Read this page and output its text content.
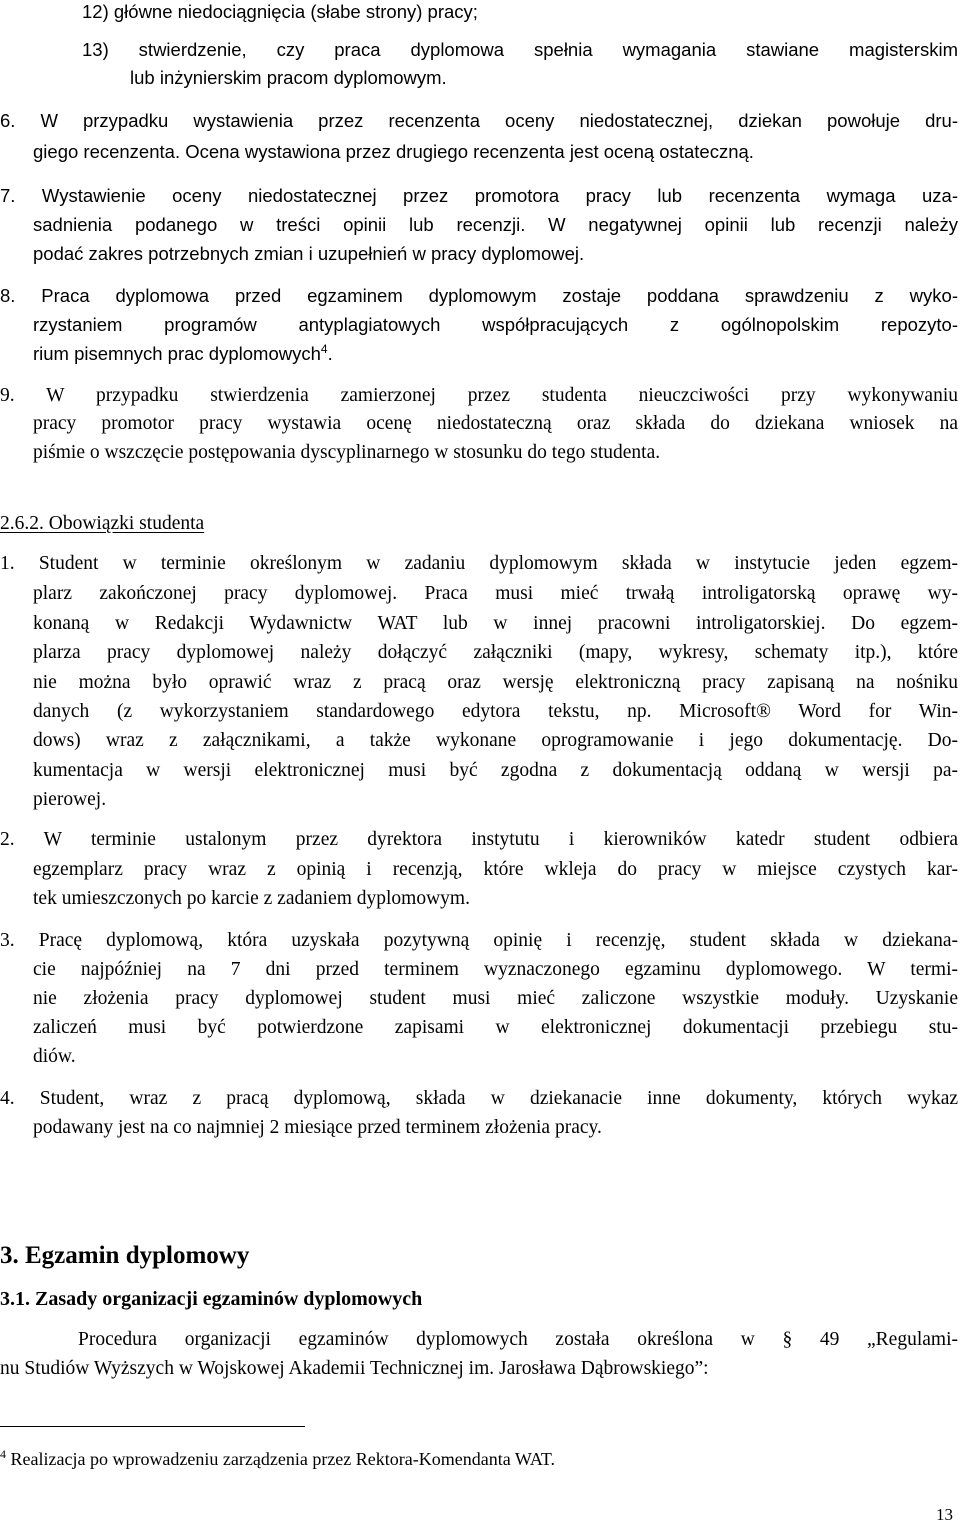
12) główne niedociągnięcia (słabe strony) pracy;
13) stwierdzenie, czy praca dyplomowa spełnia wymagania stawiane magisterskim
lub inżynierskim pracom dyplomowym.
6. W przypadku wystawienia przez recenzenta oceny niedostatecznej, dziekan powołuje dru-
giego recenzenta. Ocena wystawiona przez drugiego recenzenta jest oceną ostateczną.
7. Wystawienie oceny niedostatecznej przez promotora pracy lub recenzenta wymaga uza-
sadnienia podanego w treści opinii lub recenzji. W negatywnej opinii lub recenzji należy
podać zakres potrzebnych zmian i uzupełnień w pracy dyplomowej.
8. Praca dyplomowa przed egzaminem dyplomowym zostaje poddana sprawdzeniu z wyko-
rzystaniem programów antyplagiatowych współpracujących z ogólnopolskim repozyto-
rium pisemnych prac dyplomowych$^4$.
9. W przypadku stwierdzenia zamierzonej przez studenta nieuczciwości przy wykonywaniu
pracy promotor pracy wystawia ocenę niedostateczną oraz składa do dziekana wniosek na
piśmie o wszczęcie postępowania dyscyplinarnego w stosunku do tego studenta.
2.6.2. Obowiązki studenta
1. Student w terminie określonym w zadaniu dyplomowym składa w instytucie jeden egzem-
plarz zakończonej pracy dyplomowej. Praca musi mieć trwałą introligatorską oprawę wy-
konaną w Redakcji Wydawnictw WAT lub w innej pracowni introligatorskiej. Do egzem-
plarza pracy dyplomowej należy dołączyć załączniki (mapy, wykresy, schematy itp.), które
nie można było oprawić wraz z pracą oraz wersję elektroniczną pracy zapisaną na nośniku
danych (z wykorzystaniem standardowego edytora tekstu, np. Microsoft® Word for Win-
dows) wraz z załącznikami, a także wykonane oprogramowanie i jego dokumentację. Do-
kumentacja w wersji elektronicznej musi być zgodna z dokumentacją oddaną w wersji pa-
pierowej.
2. W terminie ustalonym przez dyrektora instytutu i kierowników katedr student odbiera
egzemplarz pracy wraz z opinią i recenzją, które wkleja do pracy w miejsce czystych kar-
tek umieszczonych po karcie z zadaniem dyplomowym.
3. Pracę dyplomową, która uzyskała pozytywną opinię i recenzję, student składa w dziekana-
cie najpóźniej na 7 dni przed terminem wyznaczonego egzaminu dyplomowego. W termi-
nie złożenia pracy dyplomowej student musi mieć zaliczone wszystkie moduły. Uzyskanie
zaliczeń musi być potwierdzone zapisami w elektronicznej dokumentacji przebiegu stu-
diów.
4. Student, wraz z pracą dyplomową, składa w dziekanacie inne dokumenty, których wykaz
podawany jest na co najmniej 2 miesiące przed terminem złożenia pracy.
3. Egzamin dyplomowy
3.1. Zasady organizacji egzaminów dyplomowych
Procedura organizacji egzaminów dyplomowych została określona w § 49 „Regulami-
nu Studiów Wyższych w Wojskowej Akademii Technicznej im. Jarosława Dąbrowskiego”:
$^4$ Realizacja po wprowadzeniu zarządzenia przez Rektora-Komendanta WAT.
13
